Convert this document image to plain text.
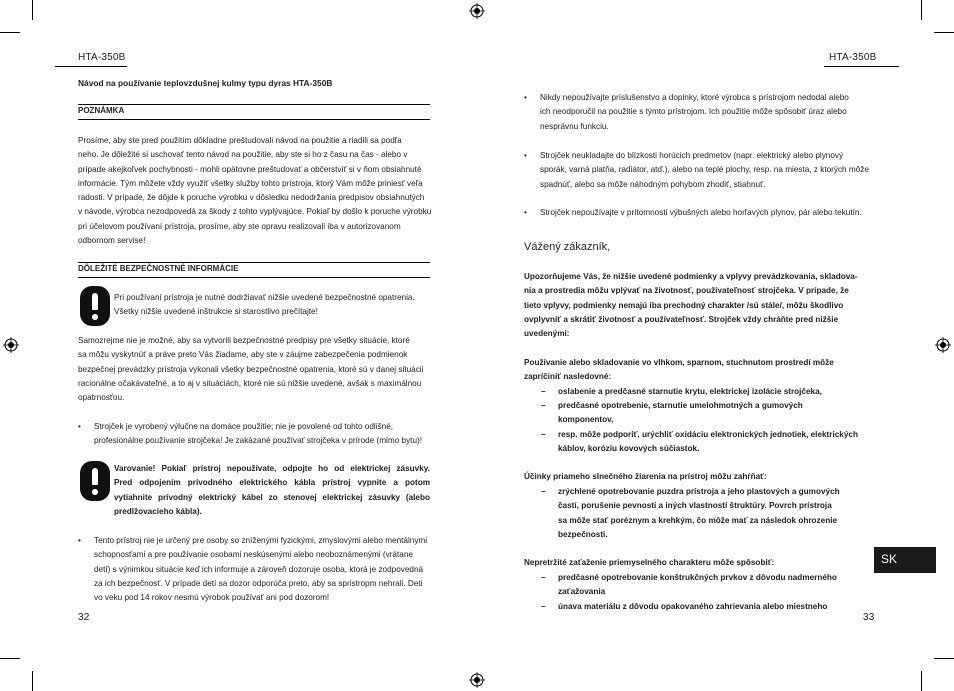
HTA-350B
Návod na používanie teplovzdušnej kulmy typu dyras HTA-350B
POZNÁMKA
Prosíme, aby ste pred použitím dôkladne preštudovali návod na použitie a riadili sa podľa
neho. Je dôležité si uschovať tento návod na použitie, aby ste si ho z času na čas - alebo v
prípade akejkoľvek pochybnosti - mohli opätovne preštudovať a občerstviť si v ňom obsiahnuté
informácie. Tým môžete vždy využiť všetky služby tohto prístroja, ktorý Vám môže priniesť veľa
radosti. V prípade, že dôjde k poruche výrobku v dôsledku nedodržania predpisov obsiahnutých
v návode, výrobca nezodpovedá za škody z tohto vyplývajúce. Pokiaľ by došlo k poruche výrobku
pri účelovom používaní prístroja, prosíme, aby ste opravu realizovali iba v autorizovanom
odbornom servise!
DÔLEŽITÉ BEZPEČNOSTNÉ INFORMÁCIE
Pri používaní prístroja je nutné dodržiavať nižšie uvedené bezpečnostné opatrenia.
Všetky nižšie uvedené inštrukcie si starostlivo prečítajte!
Samozrejme nie je možné, aby sa vytvorili bezpečnostné predpisy pre všetky situácie, ktoré
sa môžu vyskytnúť a práve preto Vás žiadame, aby ste v záujme zabezpečenia podmienok
bezpečnej prevádzky prístroja vykonali všetky bezpečnostné opatrenia, ktoré sú v danej situácii
racionálne očakávateľné, a to aj v situáciách, ktoré nie sú nižšie uvedené, avšak s maximálnou
opatrnosťou.
• Strojček je vyrobený výlučne na domáce použitie; nie je povolené od tohto odlišné,
profesionálne používanie strojčeka! Je zakázané používať strojčeka v prírode (mimo bytu)!
Varovanie! Pokiaľ prístroj nepoužívate, odpojte ho od elektrickej zásuvky.
Pred odpojením prívodného elektrického kábla prístroj vypnite a potom
vytiahnite prívodný elektrický kábel zo stenovej elektrickej zásuvky (alebo
predlžovacieho kábla).
• Tento prístroj nie je určený pre osoby so zníženými fyzickými, zmyslovými alebo mentálnymi
schopnosťami a pre používanie osobami neskúsenými alebo neoboznámenými (vrátane
detí) s výnimkou situácie keď ich informuje a zároveň dozoruje osoba, ktorá je zodpovedná
za ich bezpečnosť. V prípade detí sa dozor odporúča preto, aby sa spristropm nehrali. Deti
vo veku pod 14 rokov nesmú výrobok používať ani pod dozorom!
32
HTA-350B
• Nikdy nepoužívajte príslušenstvo a doplnky, ktoré výrobca s prístrojom nedodal alebo
ich neodporučil na použitie s týmto prístrojom. Ich použitie môže spôsobiť úraz alebo
nesprávnu funkciu.
• Strojček neukladajte do blízkosti horúcich predmetov (napr. elektrický alebo plynový
sporák, varná platňa, radiátor, atď.), alebo na teplé plochy, resp. na miesta, z ktorých môže
spadnúť, alebo sa môže náhodným pohybom zhodiť, stiahnuť.
• Strojček nepoužívajte v prítomnosti výbušných alebo horľavých plynov, pár alebo tekutín.
Vážený zákazník,
Upozorňujeme Vás, že nižšie uvedené podmienky a vplyvy prevádzkovania, skladova-
nia a prostredia môžu vplývať na životnosť, používateľnosť strojčeka. V prípade, že
tieto vplyvy, podmienky nemajú iba prechodný charakter /sú stále/, môžu škodlivo
ovplyvniť a skrátiť životnosť a používateľnosť. Strojček vždy chráňte pred nižšie
uvedenými:
Používanie alebo skladovanie vo vlhkom, sparnom, stuchnutom prostredí môže
zapríčiniť nasledovné:
– oslabenie a predčasné starnutie krytu, elektrickej izolácie strojčeka,
– predčasné opotrebenie, starnutie umelohmotných a gumových
komponentov,
– resp. môže podporiť, urýchliť oxidáciu elektronických jednotiek, elektrických
káblov, koróziu kovových súčiastok.
Účinky priameho slnečného žiarenia na prístroj môžu zahŕňať:
– zrýchlené opotrebovanie puzdra prístroja a jeho plastových a gumových
častí, porušenie pevnosti a iných vlastností štruktúry. Povrch prístroja
sa môže stať poréznym a krehkým, čo môže mať za následok ohrozenie
bezpečnosti.
Nepretržité zaťaženie priemyselného charakteru môže spôsobiť:
– predčasné opotrebovanie konštrukčných prvkov z dôvodu nadmerného
zaťažovania
– únava materiálu z dôvodu opakovaného zahrievania alebo miestneho
SK
33
